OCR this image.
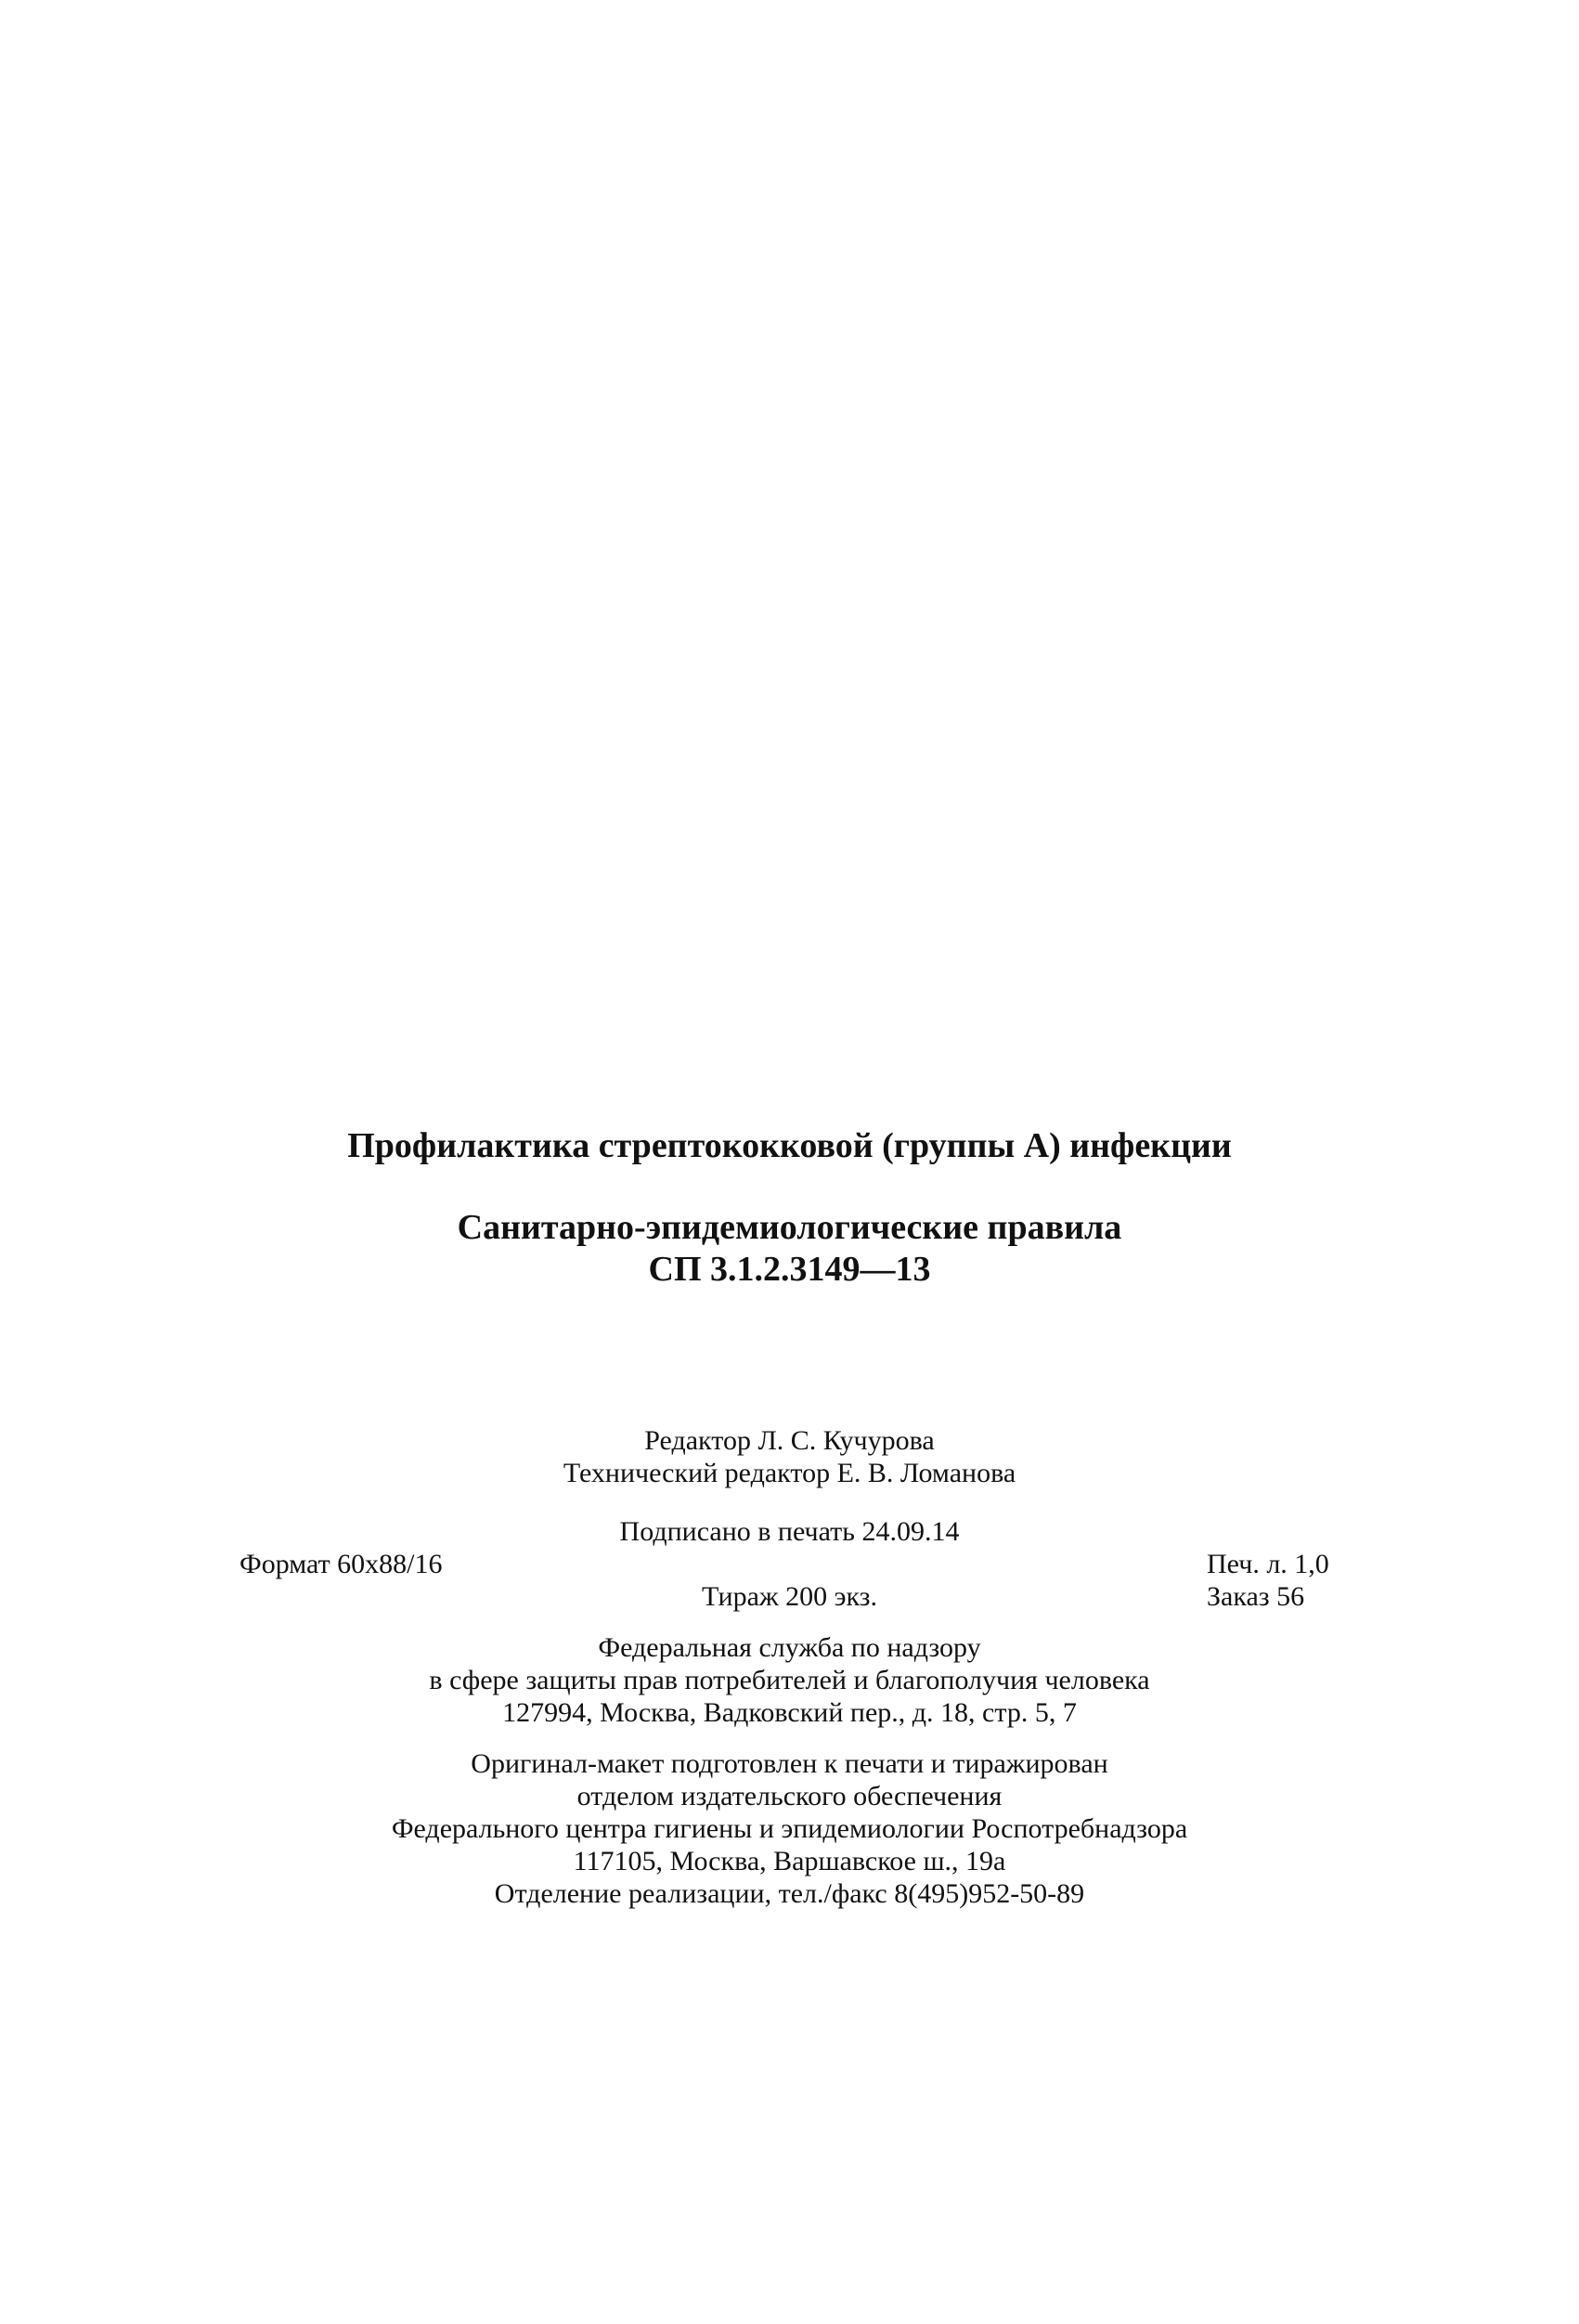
Профилактика стрептококковой (группы А) инфекции
Санитарно-эпидемиологические правила
СП 3.1.2.3149—13
Редактор Л. С. Кучурова
Технический редактор Е. В. Ломанова
Подписано в печать 24.09.14
Формат 60x88/16	Печ. л. 1,0
Тираж 200 экз.	Заказ 56
Федеральная служба по надзору
в сфере защиты прав потребителей и благополучия человека
127994, Москва, Вадковский пер., д. 18, стр. 5, 7
Оригинал-макет подготовлен к печати и тиражирован
отделом издательского обеспечения
Федерального центра гигиены и эпидемиологии Роспотребнадзора
117105, Москва, Варшавское ш., 19а
Отделение реализации, тел./факс 8(495)952-50-89
